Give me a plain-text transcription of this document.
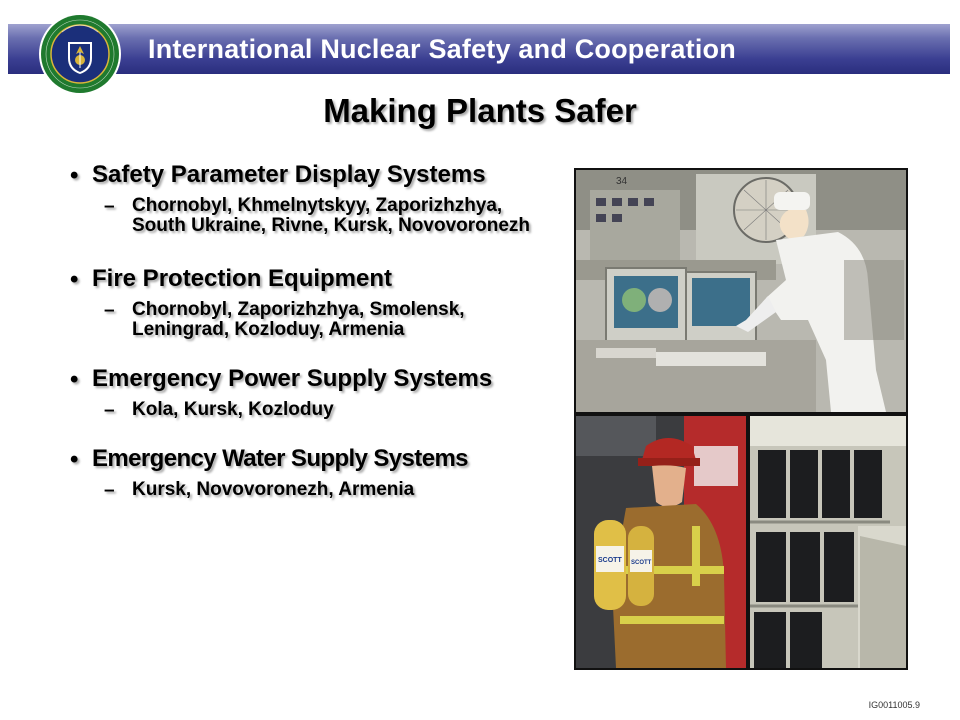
International Nuclear Safety and Cooperation
Making Plants Safer
• Safety Parameter Display Systems
– Chornobyl, Khmelnytskyy, Zaporizhzhya, South Ukraine, Rivne, Kursk, Novovoronezh
• Fire Protection Equipment
– Chornobyl, Zaporizhzhya, Smolensk, Leningrad, Kozloduy, Armenia
• Emergency Power Supply Systems
– Kola, Kursk, Kozloduy
• Emergency Water Supply Systems
– Kursk, Novovoronezh, Armenia
34
SCOTT SCOTT
IG0011005.9
